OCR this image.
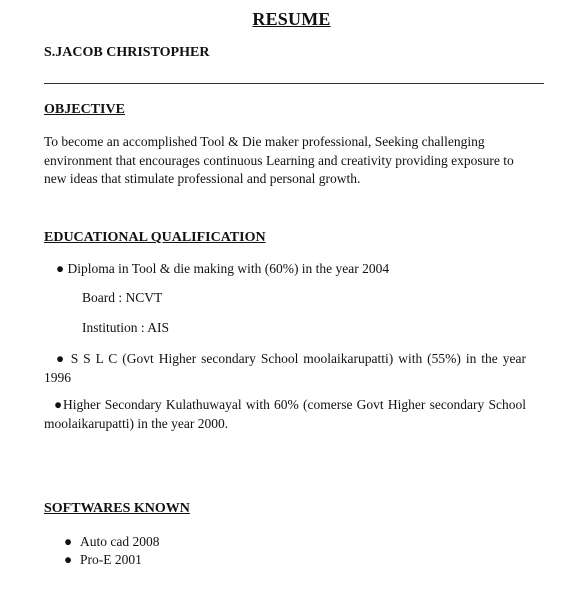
RESUME
S.JACOB CHRISTOPHER
OBJECTIVE
To become an accomplished Tool & Die maker professional, Seeking challenging environment that encourages continuous Learning and creativity providing exposure to new ideas that stimulate professional and personal growth.
EDUCATIONAL QUALIFICATION
● Diploma in Tool & die making with (60%) in the year 2004
Board : NCVT
Institution : AIS
● S S L C (Govt Higher secondary School moolaikarupatti) with (55%) in the year 1996
●Higher Secondary Kulathuwayal with 60% (comerse Govt Higher secondary School moolaikarupatti) in the year 2000.
SOFTWARES KNOWN
● Auto cad 2008
● Pro-E 2001
